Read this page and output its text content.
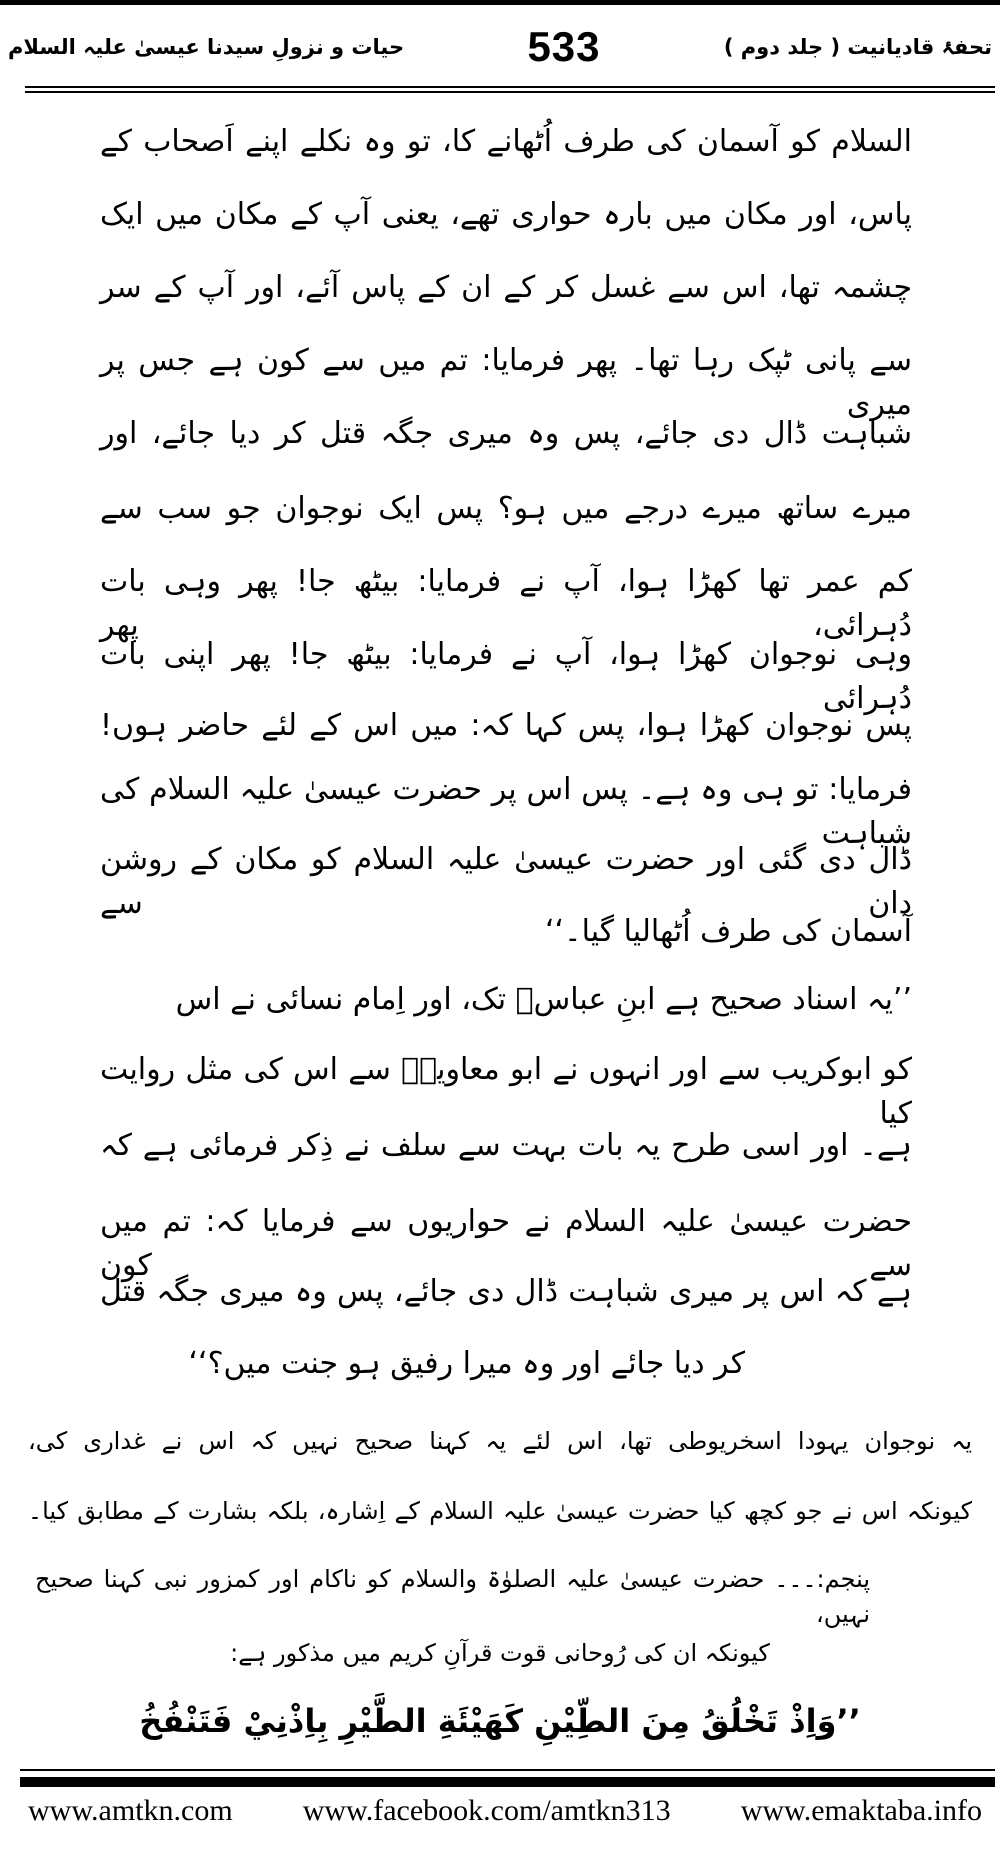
حیات و نزولِ سیدنا عیسیٰ علیہ السلام	533	تحفۂ قادیانیت ( جلد دوم )
السلام کو آسمان کی طرف اُٹھانے کا، تو وہ نکلے اپنے اَصحاب کے
پاس، اور مکان میں بارہ حواری تھے، یعنی آپ کے مکان میں ایک
چشمہ تھا، اس سے غسل کر کے ان کے پاس آئے، اور آپ کے سر
سے پانی ٹپک رہا تھا۔ پھر فرمایا: تم میں سے کون ہے جس پر میری
شباہت ڈال دی جائے، پس وہ میری جگہ قتل کر دیا جائے، اور
میرے ساتھ میرے درجے میں ہو؟ پس ایک نوجوان جو سب سے
کم عمر تھا کھڑا ہوا، آپ نے فرمایا: بیٹھ جا! پھر وہی بات دُہرائی، پھر
وہی نوجوان کھڑا ہوا، آپ نے فرمایا: بیٹھ جا! پھر اپنی بات دُہرائی
پس نوجوان کھڑا ہوا، پس کہا کہ: میں اس کے لئے حاضر ہوں!
فرمایا: تو ہی وہ ہے۔ پس اس پر حضرت عیسیٰ علیہ السلام کی شباہت
ڈال دی گئی اور حضرت عیسیٰ علیہ السلام کو مکان کے روشن دان سے
آسمان کی طرف اُٹھالیا گیا۔‘‘
’’یہ اسناد صحیح ہے ابنِ عباسؓ تک، اور اِمام نسائی نے اس
کو ابوکریب سے اور انہوں نے ابو معاویہؓ سے اس کی مثل روایت کیا
ہے۔ اور اسی طرح یہ بات بہت سے سلف نے ذِکر فرمائی ہے کہ
حضرت عیسیٰ علیہ السلام نے حواریوں سے فرمایا کہ: تم میں سے کون
ہے کہ اس پر میری شباہت ڈال دی جائے، پس وہ میری جگہ قتل
کر دیا جائے اور وہ میرا رفیق ہو جنت میں؟‘‘
یہ نوجوان یہودا اسخریوطی تھا، اس لئے یہ کہنا صحیح نہیں کہ اس نے غداری کی،
کیونکہ اس نے جو کچھ کیا حضرت عیسیٰ علیہ السلام کے اِشارہ، بلکہ بشارت کے مطابق کیا۔
پنجم:۔۔۔ حضرت عیسیٰ علیہ الصلوٰۃ والسلام کو ناکام اور کمزور نبی کہنا صحیح نہیں،
کیونکہ ان کی رُوحانی قوت قرآنِ کریم میں مذکور ہے:
’’وَاِذْ تَخْلُقُ مِنَ الطِّيْنِ كَهَيْئَةِ الطَّيْرِ بِاِذْنِيْ فَتَنْفُخُ
www.amtkn.com www.facebook.com/amtkn313 www.emaktaba.info
